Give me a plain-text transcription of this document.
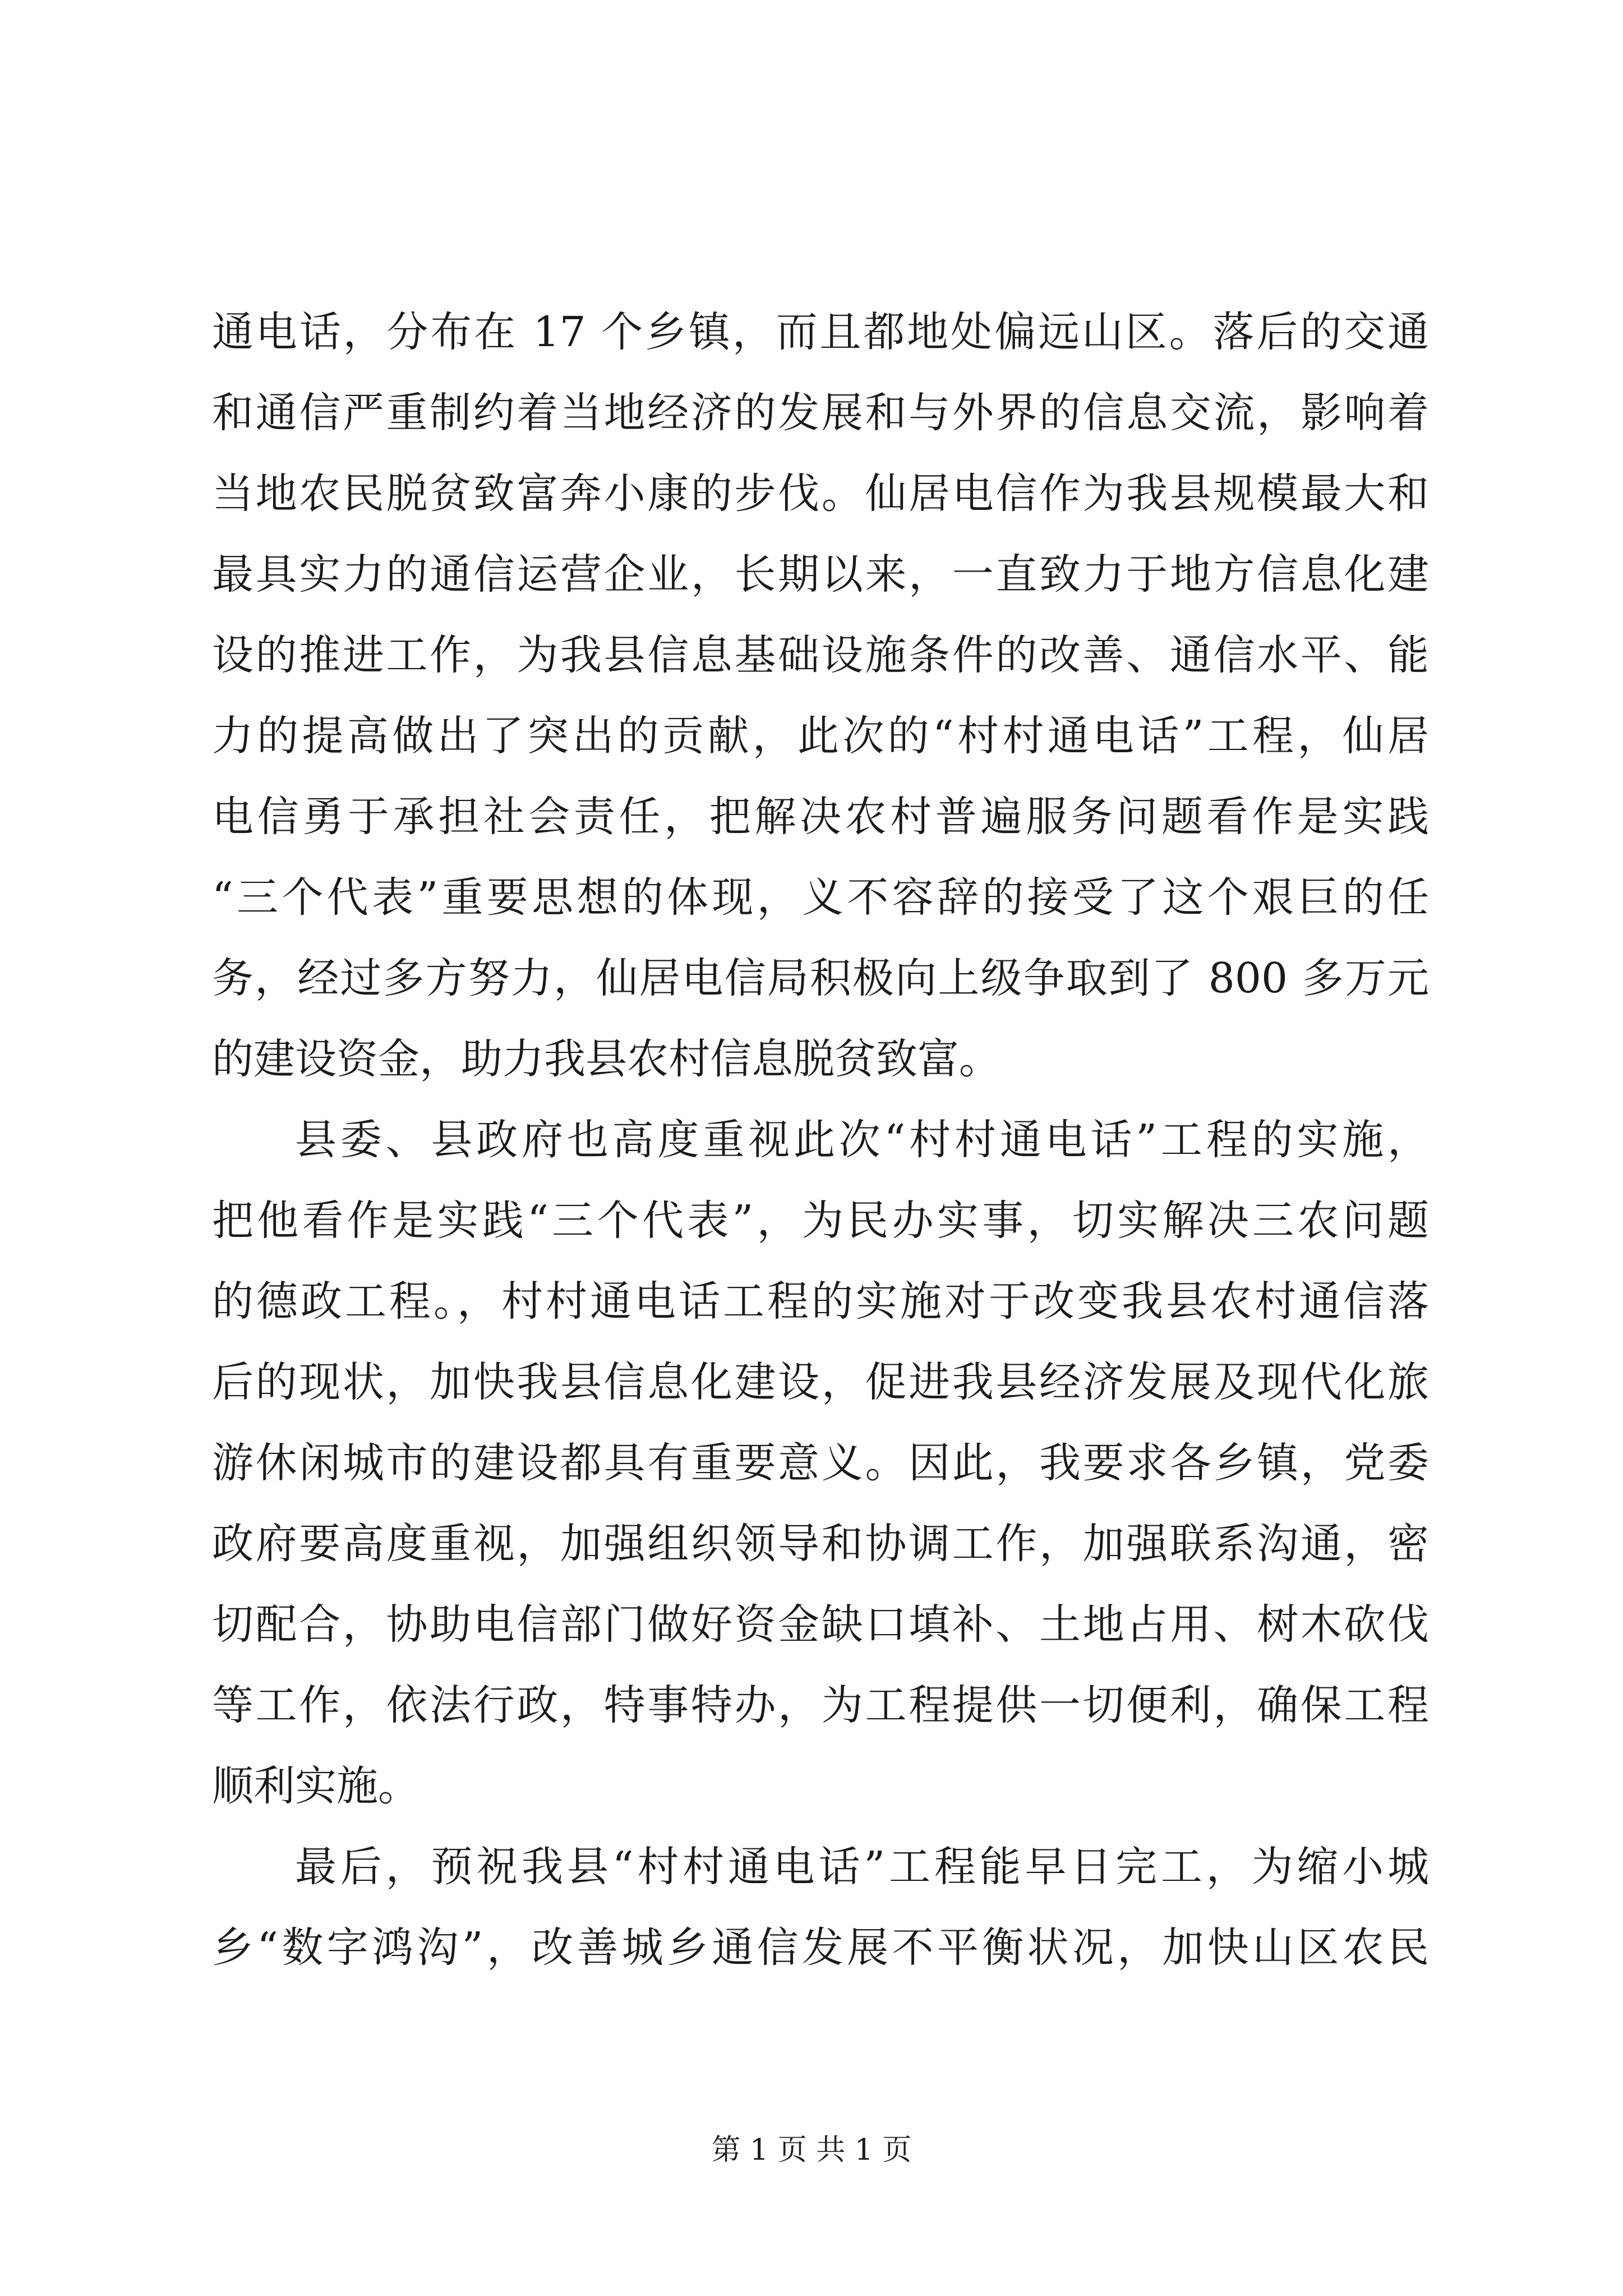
通电话，分布在 17 个乡镇，而且都地处偏远山区。落后的交通
和通信严重制约着当地经济的发展和与外界的信息交流，影响着
当地农民脱贫致富奔小康的步伐。仙居电信作为我县规模最大和
最具实力的通信运营企业，长期以来，一直致力于地方信息化建
设的推进工作，为我县信息基础设施条件的改善、通信水平、能
力的提高做出了突出的贡献，此次的“村村通电话”工程，仙居
电信勇于承担社会责任，把解决农村普遍服务问题看作是实践
“三个代表”重要思想的体现，义不容辞的接受了这个艰巨的任
务，经过多方努力，仙居电信局积极向上级争取到了 800 多万元
的建设资金，助力我县农村信息脱贫致富。
县委、县政府也高度重视此次“村村通电话”工程的实施，
把他看作是实践“三个代表”，为民办实事，切实解决三农问题
的德政工程。，村村通电话工程的实施对于改变我县农村通信落
后的现状，加快我县信息化建设，促进我县经济发展及现代化旅
游休闲城市的建设都具有重要意义。因此，我要求各乡镇，党委
政府要高度重视，加强组织领导和协调工作，加强联系沟通，密
切配合，协助电信部门做好资金缺口填补、土地占用、树木砍伐
等工作，依法行政，特事特办，为工程提供一切便利，确保工程
顺利实施。
最后，预祝我县“村村通电话”工程能早日完工，为缩小城
乡“数字鸿沟”，改善城乡通信发展不平衡状况，加快山区农民
第 1 页 共 1 页
